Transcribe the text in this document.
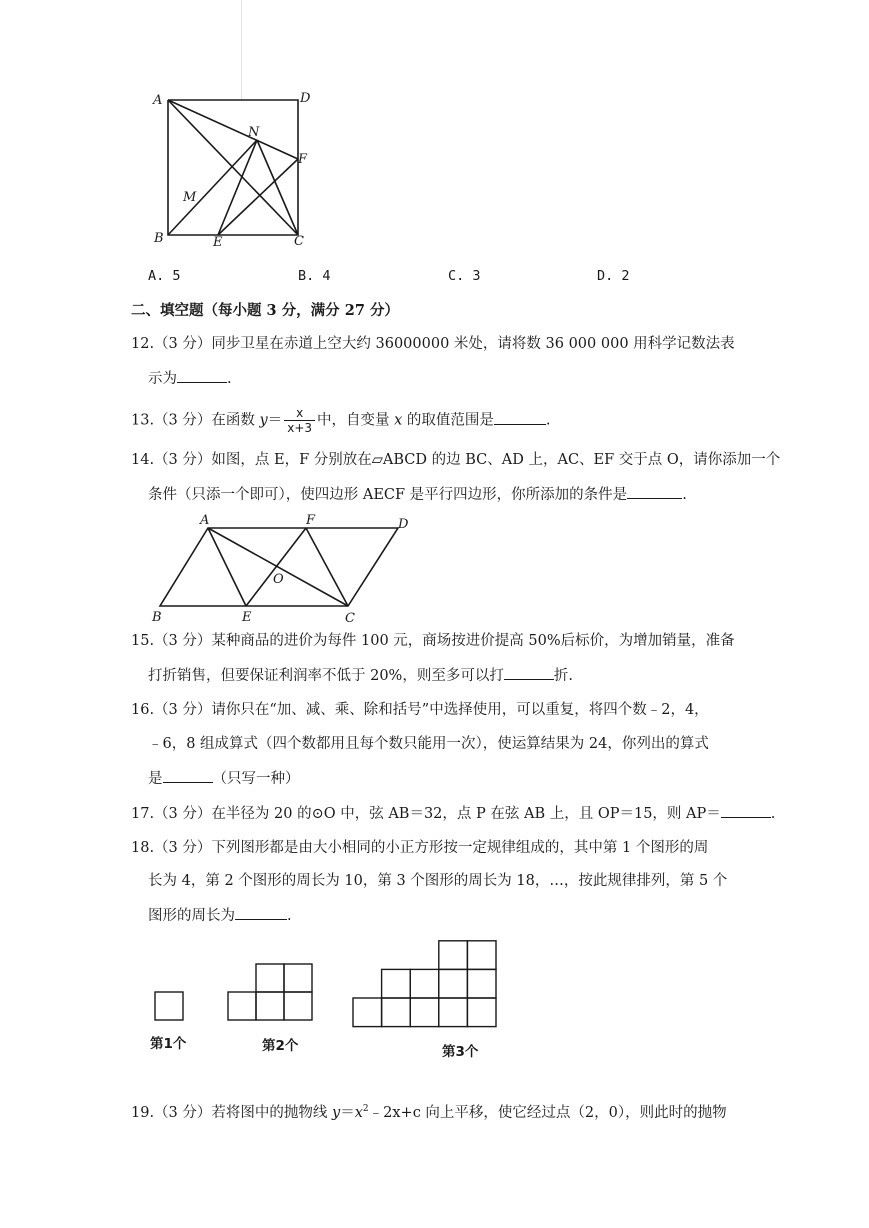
A	D
N
F
M
B	E	C
A. 5	B. 4	C. 3	D. 2
二、填空题（每小题 3 分，满分 27 分）
12.（3 分）同步卫星在赤道上空大约 36000000 米处，请将数 36 000 000 用科学记数法表
示为	.
13.（3 分）在函数 $y= \frac{x}{x+3}$ 中，自变量 x 的取值范围是	.
14.（3 分）如图，点 E，F 分别放在▱ABCD 的边 BC、AD 上，AC、EF 交于点 O，请你添加一个
条件（只添一个即可），使四边形 AECF 是平行四边形，你所添加的条件是	.
A	F	D
O
B	E	C
15.（3 分）某种商品的进价为每件 100 元，商场按进价提高 50%后标价，为增加销量，准备
打折销售，但要保证利润率不低于 20%，则至多可以打	折.
16.（3 分）请你只在“加、减、乘、除和括号”中选择使用，可以重复，将四个数﹣2，4，
﹣6，8 组成算式（四个数都用且每个数只能用一次），使运算结果为 24，你列出的算式
是	（只写一种）
17.（3 分）在半径为 20 的⊙O 中，弦 AB＝32，点 P 在弦 AB 上，且 OP＝15，则 AP＝	.
18.（3 分）下列图形都是由大小相同的小正方形按一定规律组成的，其中第 1 个图形的周
长为 4，第 2 个图形的周长为 10，第 3 个图形的周长为 18，…，按此规律排列，第 5 个
图形的周长为	.
第1个	第2个	第3个
19.（3 分）若将图中的抛物线 $y=x^2﹣2x+c$ 向上平移，使它经过点（2，0），则此时的抛物
